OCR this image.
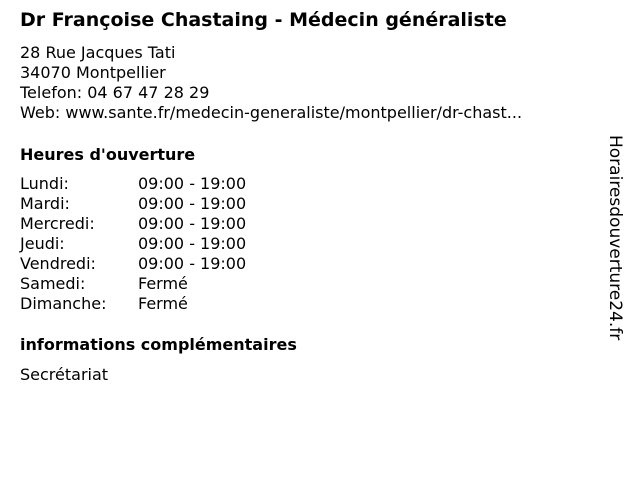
Dr Françoise Chastaing - Médecin généraliste
28 Rue Jacques Tati
34070 Montpellier
Telefon: 04 67 47 28 29
Web: www.sante.fr/medecin-generaliste/montpellier/dr-chast...
Heures d'ouverture
Lundi:	09:00 - 19:00
Mardi:	09:00 - 19:00
Mercredi:	09:00 - 19:00
Jeudi:	09:00 - 19:00
Vendredi:	09:00 - 19:00
Samedi:	Fermé
Dimanche:	Fermé
informations complémentaires
Secrétariat
Horairesdouverture24.fr
